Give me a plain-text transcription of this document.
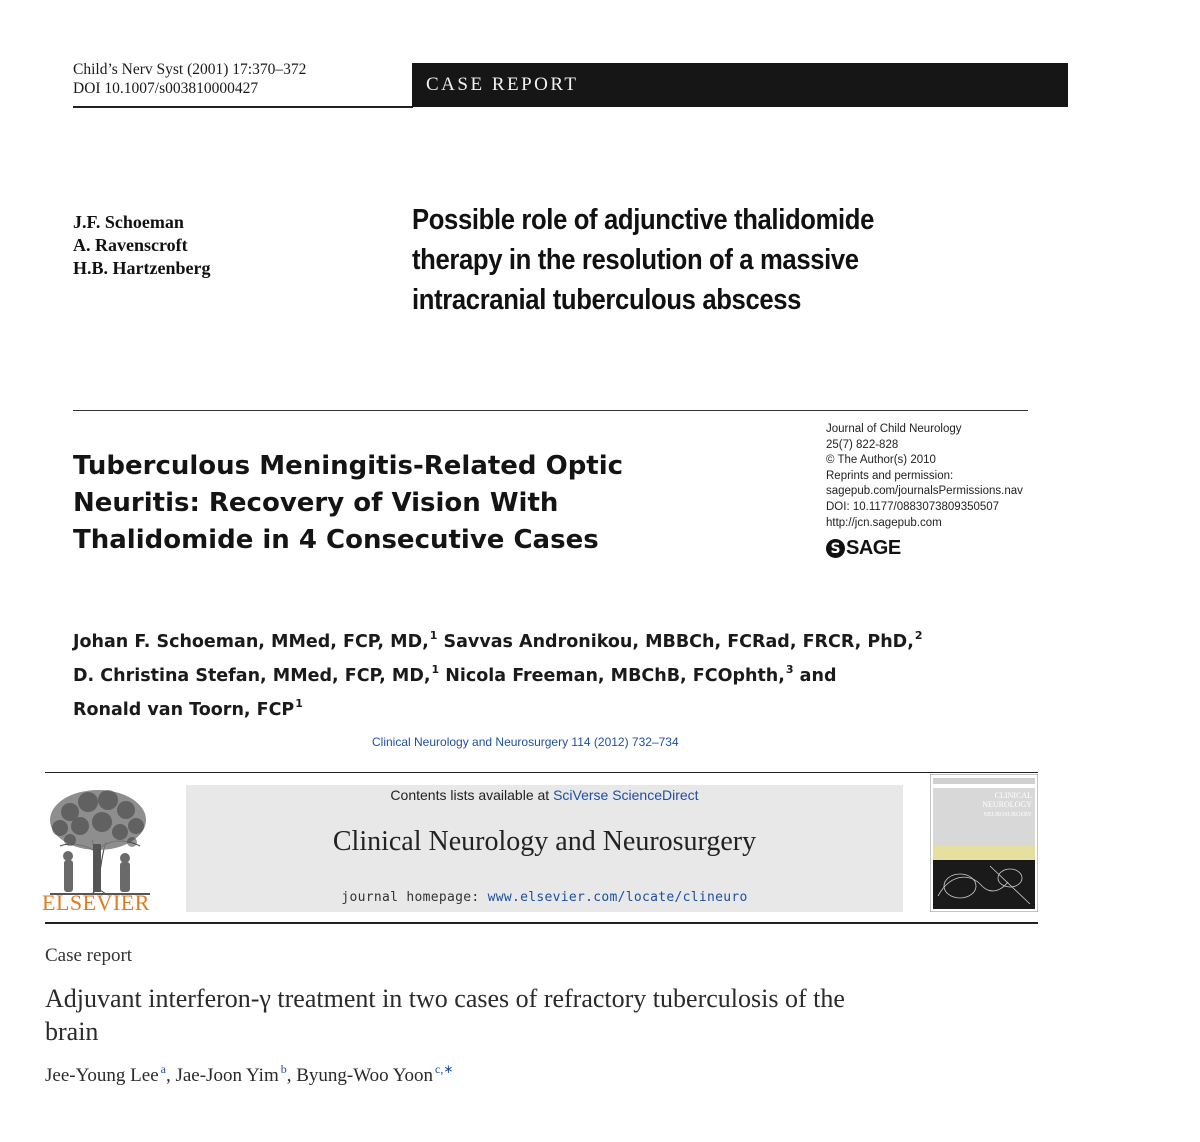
Child’s Nerv Syst (2001) 17:370–372
DOI 10.1007/s003810000427	CASE REPORT
J.F. Schoeman
A. Ravenscroft
H.B. Hartzenberg
Possible role of adjunctive thalidomide
therapy in the resolution of a massive
intracranial tuberculous abscess
Tuberculous Meningitis-Related Optic
Neuritis: Recovery of Vision With
Thalidomide in 4 Consecutive Cases
Journal of Child Neurology
25(7) 822-828
© The Author(s) 2010
Reprints and permission:
sagepub.com/journalsPermissions.nav
DOI: 10.1177/0883073809350507
http://jcn.sagepub.com
S SAGE
Johan F. Schoeman, MMed, FCP, MD,$^1$ Savvas Andronikou, MBBCh, FCRad, FRCR, PhD,$^2$
D. Christina Stefan, MMed, FCP, MD,$^1$ Nicola Freeman, MBChB, FCOphth,$^3$ and
Ronald van Toorn, FCP$^1$
Clinical Neurology and Neurosurgery 114 (2012) 732–734
ELSEVIER
Contents lists available at SciVerse ScienceDirect
Clinical Neurology and Neurosurgery
journal homepage: www.elsevier.com/locate/clineuro
CLINICAL
NEUROLOGY
NEUROSURGERY
Case report
Adjuvant interferon-γ treatment in two cases of refractory tuberculosis of the
brain
Jee-Young Lee $^a$, Jae-Joon Yim $^b$, Byung-Woo Yoon $^{c,∗}$
